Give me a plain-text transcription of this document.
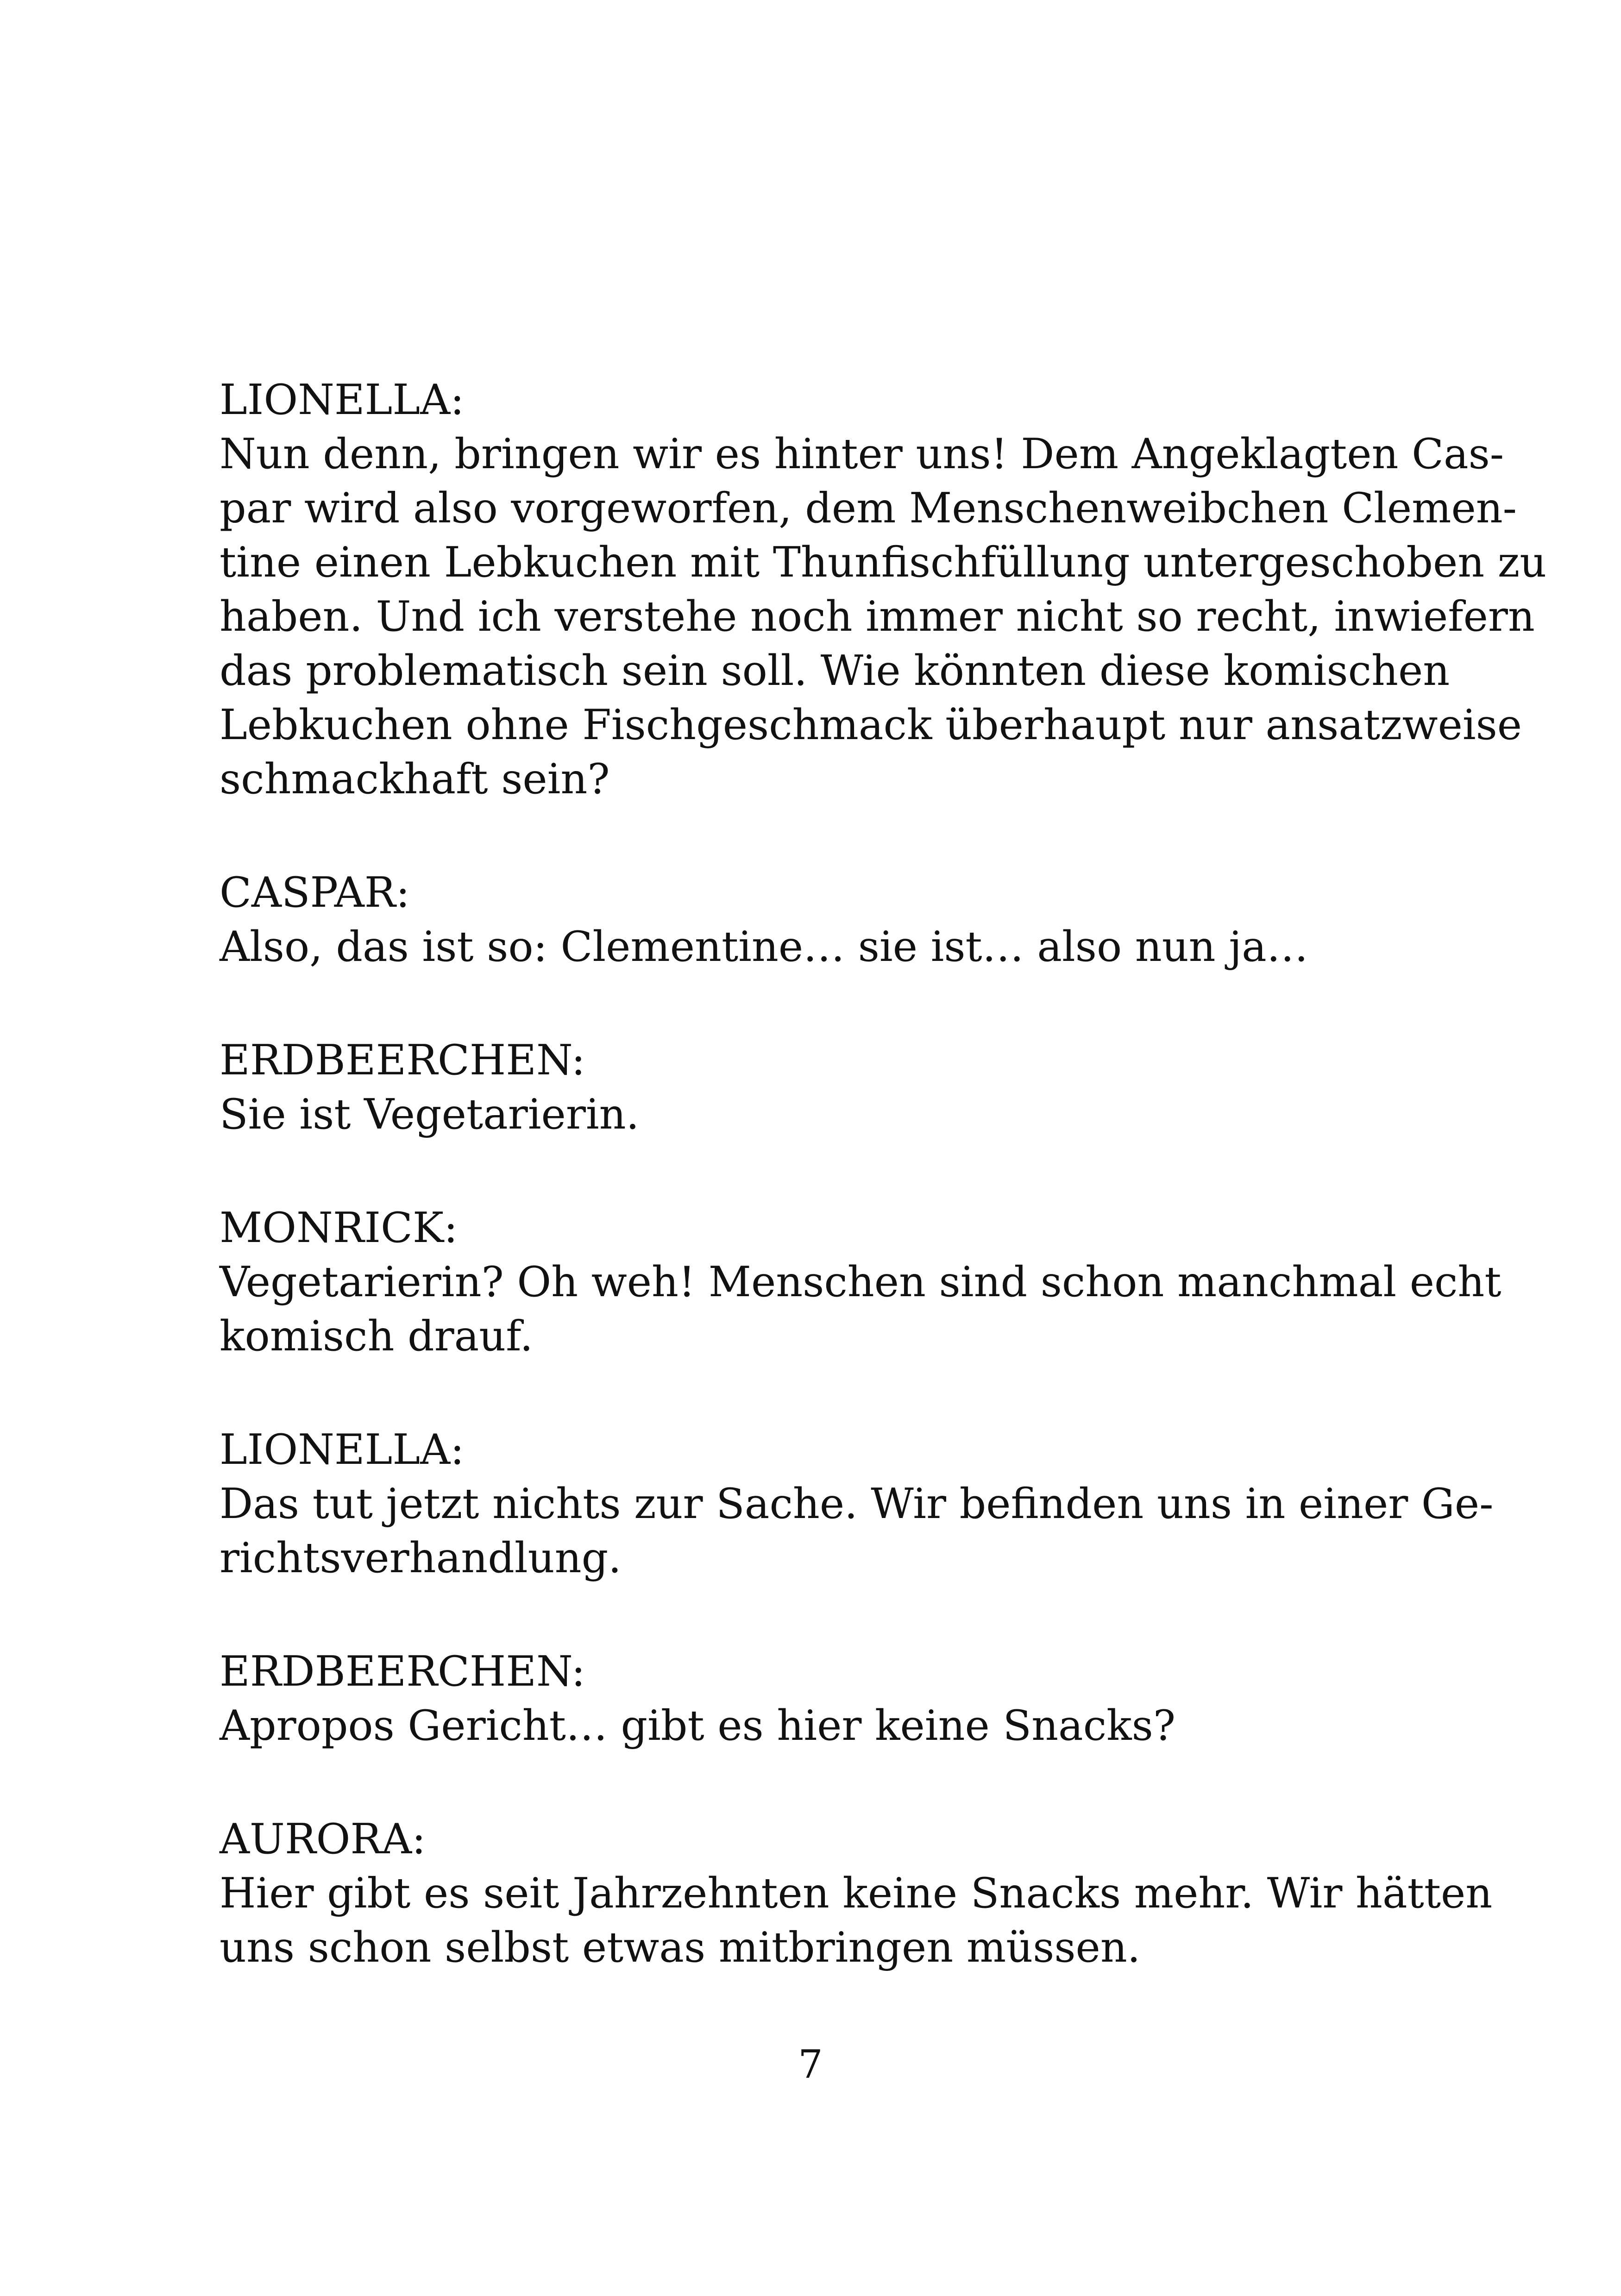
LIONELLA:
Nun denn, bringen wir es hinter uns! Dem Angeklagten Cas-
par wird also vorgeworfen, dem Menschenweibchen Clemen-
tine einen Lebkuchen mit Thunfischfüllung untergeschoben zu
haben. Und ich verstehe noch immer nicht so recht, inwiefern
das problematisch sein soll. Wie könnten diese komischen
Lebkuchen ohne Fischgeschmack überhaupt nur ansatzweise
schmackhaft sein?
CASPAR:
Also, das ist so: Clementine… sie ist… also nun ja…
ERDBEERCHEN:
Sie ist Vegetarierin.
MONRICK:
Vegetarierin? Oh weh! Menschen sind schon manchmal echt
komisch drauf.
LIONELLA:
Das tut jetzt nichts zur Sache. Wir befinden uns in einer Ge-
richtsverhandlung.
ERDBEERCHEN:
Apropos Gericht… gibt es hier keine Snacks?
AURORA:
Hier gibt es seit Jahrzehnten keine Snacks mehr. Wir hätten
uns schon selbst etwas mitbringen müssen.
7
